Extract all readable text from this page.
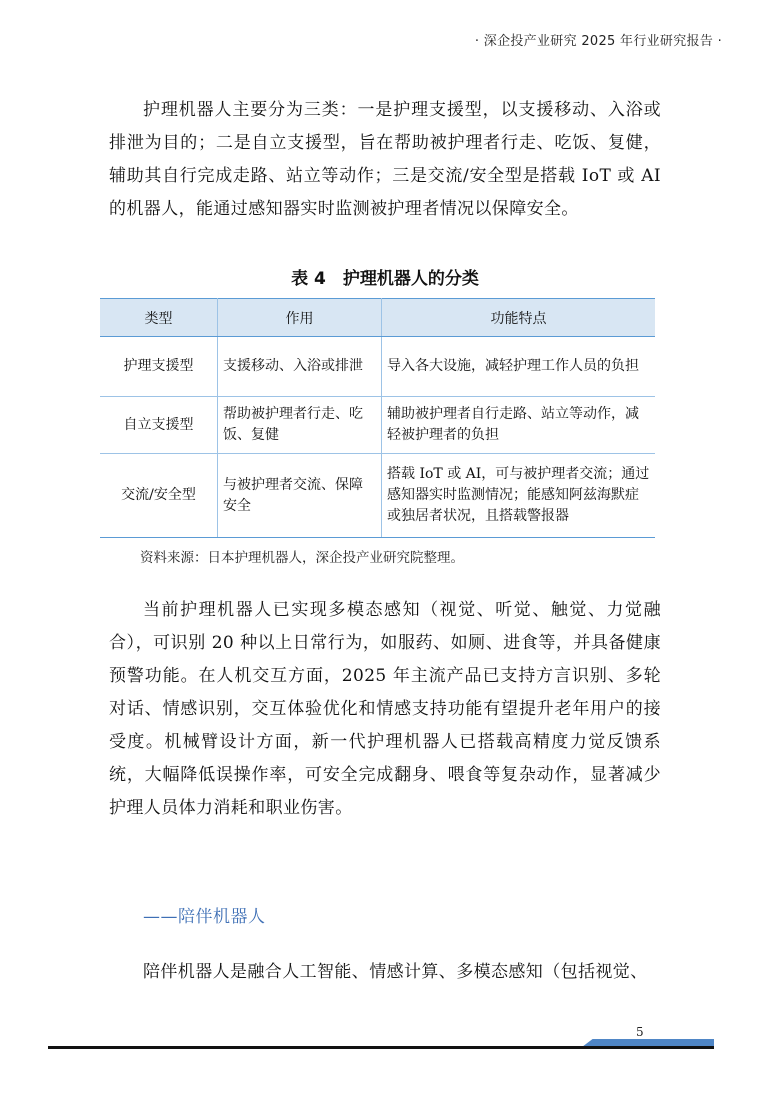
· 深企投产业研究 2025 年行业研究报告 ·

护理机器人主要分为三类：一是护理支援型，以支援移动、入浴或排泄为目的；二是自立支援型，旨在帮助被护理者行走、吃饭、复健，辅助其自行完成走路、站立等动作；三是交流/安全型是搭载 IoT 或 AI 的机器人，能通过感知器实时监测被护理者情况以保障安全。

表 4　护理机器人的分类
类型	作用	功能特点
护理支援型	支援移动、入浴或排泄	导入各大设施，减轻护理工作人员的负担
自立支援型	帮助被护理者行走、吃饭、复健	辅助被护理者自行走路、站立等动作，减轻被护理者的负担
交流/安全型	与被护理者交流、保障安全	搭载 IoT 或 AI，可与被护理者交流；通过感知器实时监测情况；能感知阿兹海默症或独居者状况，且搭载警报器
资料来源：日本护理机器人，深企投产业研究院整理。

当前护理机器人已实现多模态感知（视觉、听觉、触觉、力觉融合），可识别 20 种以上日常行为，如服药、如厕、进食等，并具备健康预警功能。在人机交互方面，2025 年主流产品已支持方言识别、多轮对话、情感识别，交互体验优化和情感支持功能有望提升老年用户的接受度。机械臂设计方面，新一代护理机器人已搭载高精度力觉反馈系统，大幅降低误操作率，可安全完成翻身、喂食等复杂动作，显著减少护理人员体力消耗和职业伤害。

——陪伴机器人

陪伴机器人是融合人工智能、情感计算、多模态感知（包括视觉、

5
